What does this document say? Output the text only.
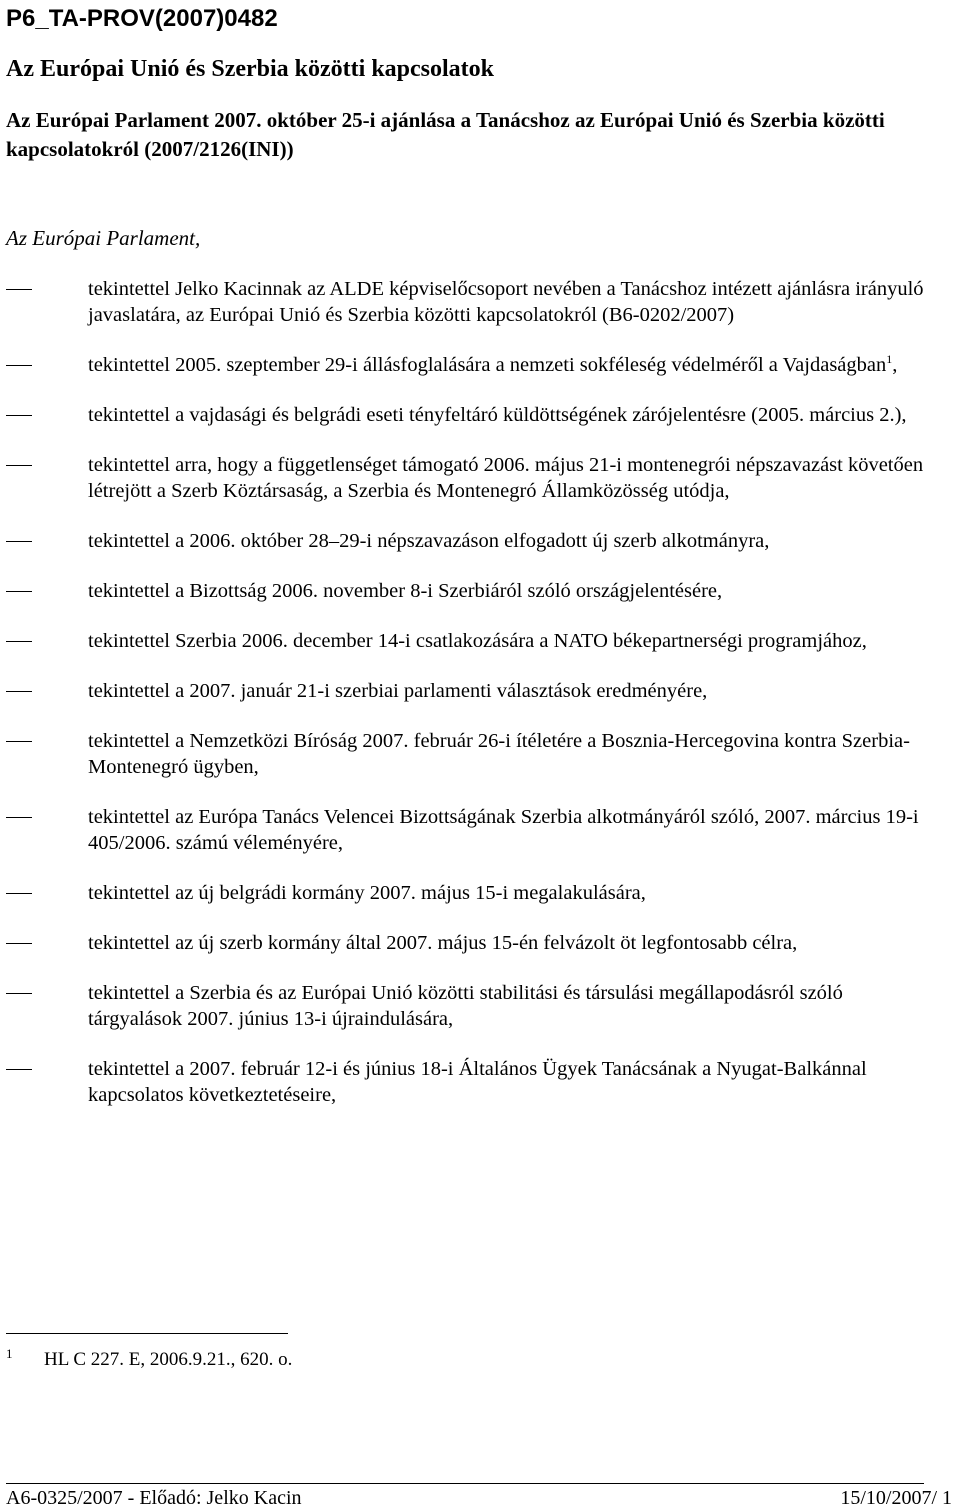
P6_TA-PROV(2007)0482
Az Európai Unió és Szerbia közötti kapcsolatok

Az Európai Parlament 2007. október 25-i ajánlása a Tanácshoz az Európai Unió és Szerbia közötti kapcsolatokról (2007/2126(INI))

Az Európai Parlament,

tekintettel Jelko Kacinnak az ALDE képviselőcsoport nevében a Tanácshoz intézett ajánlásra irányuló javaslatára, az Európai Unió és Szerbia közötti kapcsolatokról (B6-0202/2007)
tekintettel 2005. szeptember 29-i állásfoglalására a nemzeti sokféleség védelméről a Vajdaságban$^1$,
tekintettel a vajdasági és belgrádi eseti tényfeltáró küldöttségének zárójelentésre (2005. március 2.),
tekintettel arra, hogy a függetlenséget támogató 2006. május 21-i montenegrói népszavazást követően létrejött a Szerb Köztársaság, a Szerbia és Montenegró Államközösség utódja,
tekintettel a 2006. október 28–29-i népszavazáson elfogadott új szerb alkotmányra,
tekintettel a Bizottság 2006. november 8-i Szerbiáról szóló országjelentésére,
tekintettel Szerbia 2006. december 14-i csatlakozására a NATO békepartnerségi programjához,
tekintettel a 2007. január 21-i szerbiai parlamenti választások eredményére,
tekintettel a Nemzetközi Bíróság 2007. február 26-i ítéletére a Bosznia-Hercegovina kontra Szerbia-Montenegró ügyben,
tekintettel az Európa Tanács Velencei Bizottságának Szerbia alkotmányáról szóló, 2007. március 19-i 405/2006. számú véleményére,
tekintettel az új belgrádi kormány 2007. május 15-i megalakulására,
tekintettel az új szerb kormány által 2007. május 15-én felvázolt öt legfontosabb célra,
tekintettel a Szerbia és az Európai Unió közötti stabilitási és társulási megállapodásról szóló tárgyalások 2007. június 13-i újraindulására,
tekintettel a 2007. február 12-i és június 18-i Általános Ügyek Tanácsának a Nyugat-Balkánnal kapcsolatos következtetéseire,

1 HL C 227. E, 2006.9.21., 620. o.

A6-0325/2007 - Előadó: Jelko Kacin	15/10/2007/ 1
